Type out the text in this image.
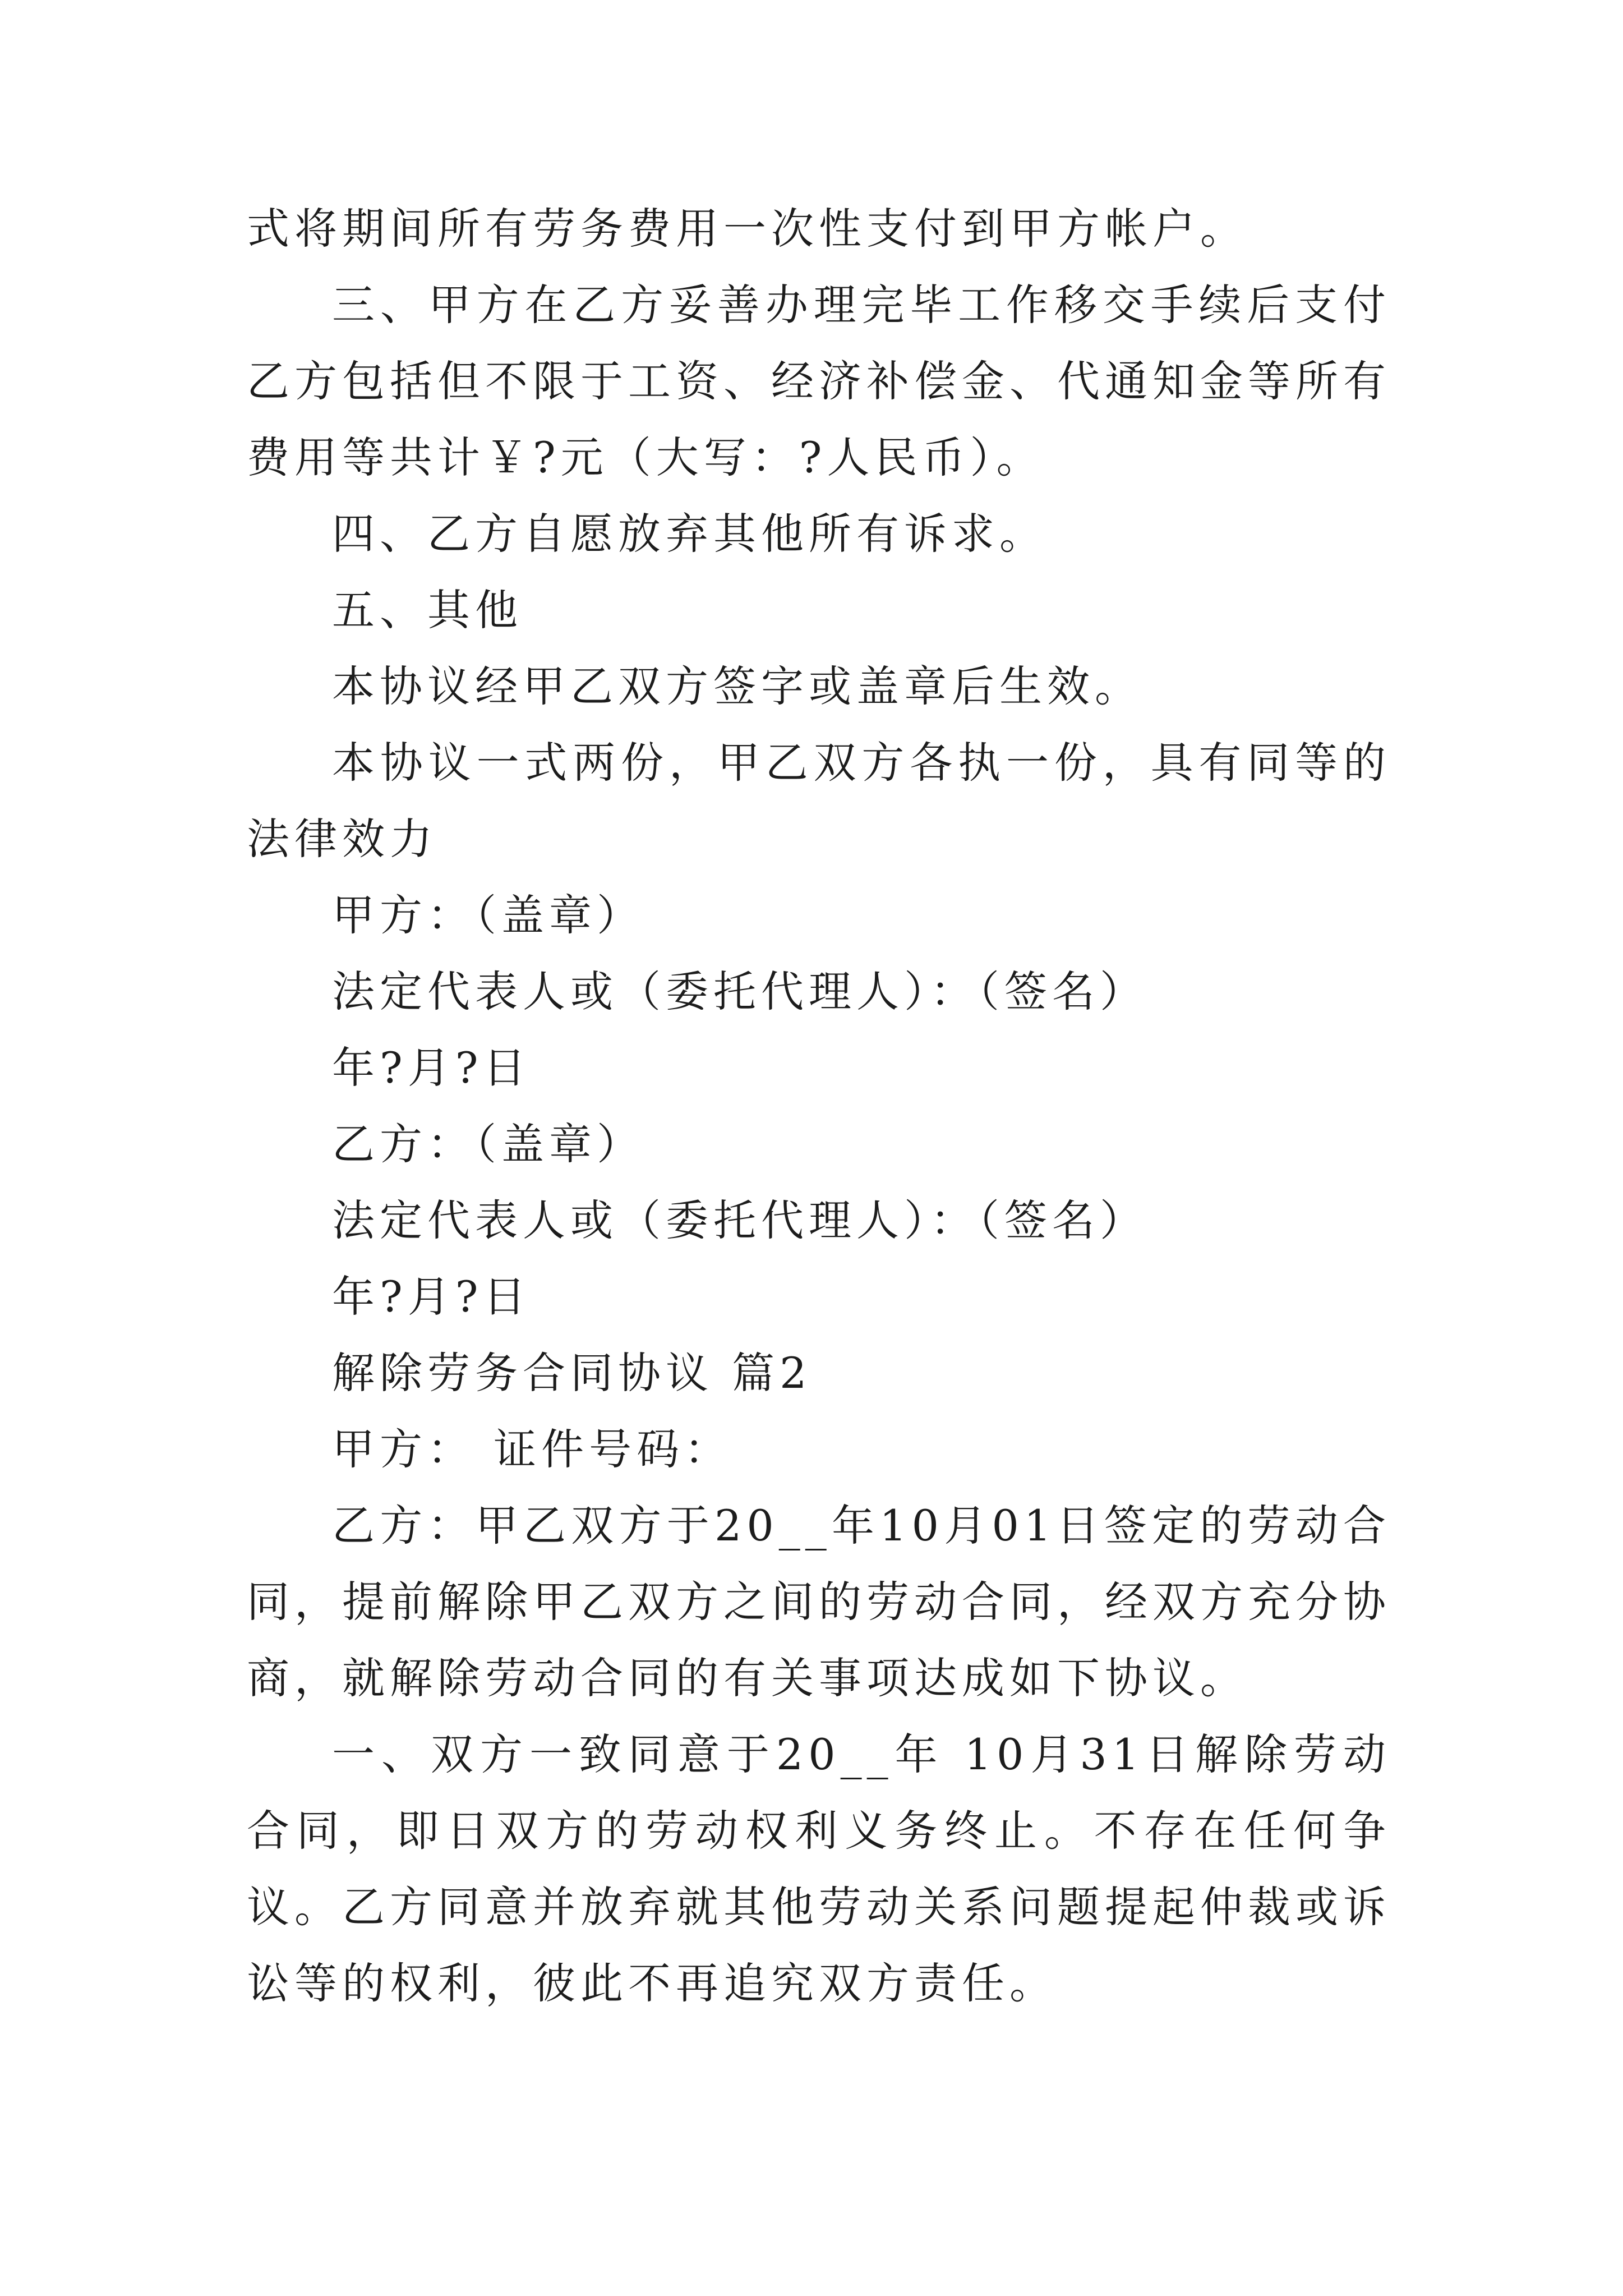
式将期间所有劳务费用一次性支付到甲方帐户。

三、甲方在乙方妥善办理完毕工作移交手续后支付乙方包括但不限于工资、经济补偿金、代通知金等所有费用等共计￥?元（大写：?人民币）。

四、乙方自愿放弃其他所有诉求。

五、其他

本协议经甲乙双方签字或盖章后生效。

本协议一式两份，甲乙双方各执一份，具有同等的法律效力

甲方：（盖章）

法定代表人或（委托代理人）：（签名）

年?月?日

乙方：（盖章）

法定代表人或（委托代理人）：（签名）

年?月?日

解除劳务合同协议 篇2

甲方： 证件号码：

乙方：甲乙双方于20__年10月01日签定的劳动合同，提前解除甲乙双方之间的劳动合同，经双方充分协商，就解除劳动合同的有关事项达成如下协议。

一、双方一致同意于20__年 10月31日解除劳动合同，即日双方的劳动权利义务终止。不存在任何争议。乙方同意并放弃就其他劳动关系问题提起仲裁或诉讼等的权利，彼此不再追究双方责任。
